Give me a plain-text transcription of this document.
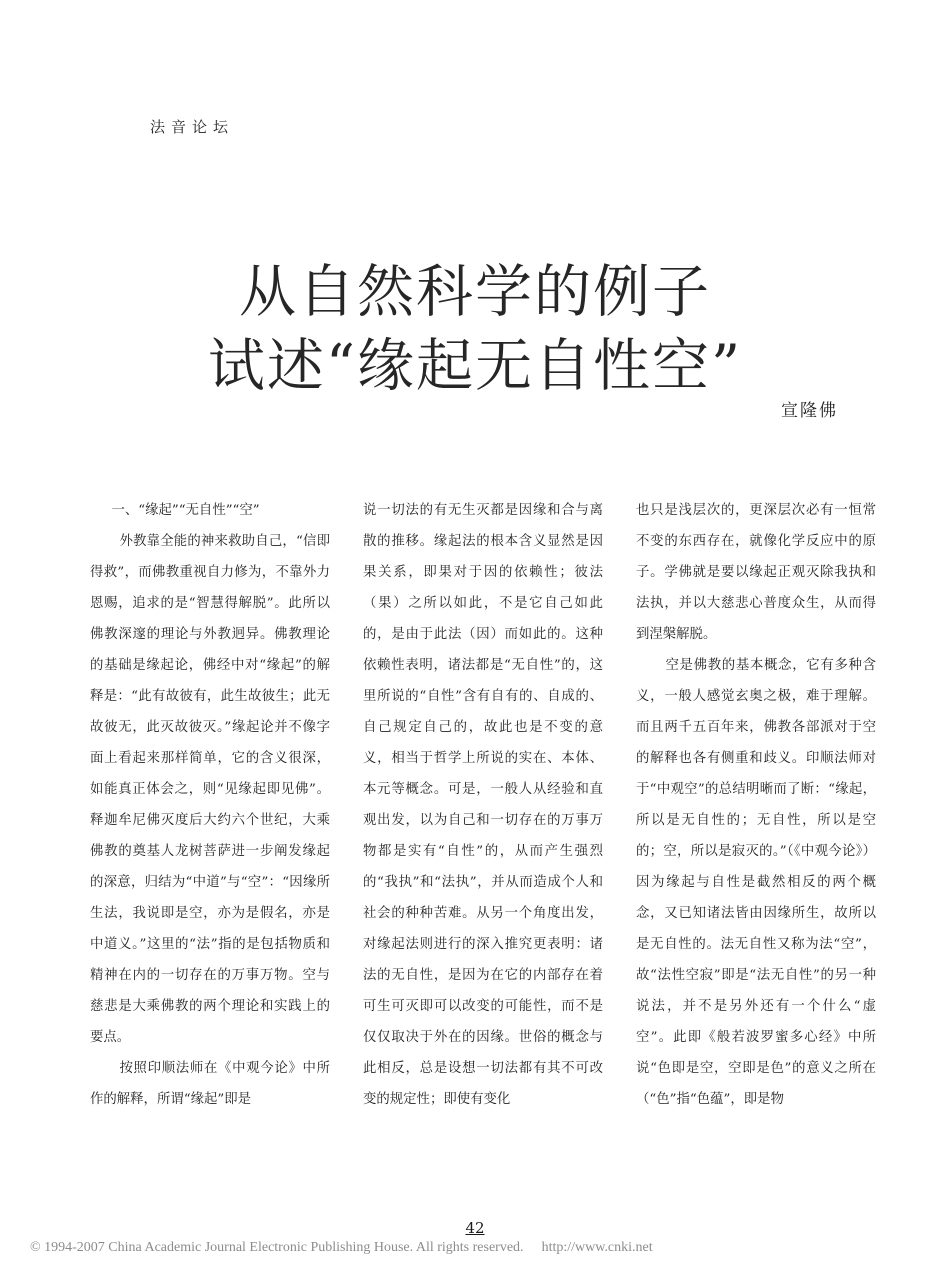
法音论坛
从自然科学的例子
试述“缘起无自性空”
宣隆佛

一、“缘起”“无自性”“空”

外教靠全能的神来救助自己，“信即得救”，而佛教重视自力修为，不靠外力恩赐，追求的是“智慧得解脱”。此所以佛教深邃的理论与外教迥异。佛教理论的基础是缘起论，佛经中对“缘起”的解释是：“此有故彼有，此生故彼生；此无故彼无，此灭故彼灭。”缘起论并不像字面上看起来那样简单，它的含义很深，如能真正体会之，则“见缘起即见佛”。释迦牟尼佛灭度后大约六个世纪，大乘佛教的奠基人龙树菩萨进一步阐发缘起的深意，归结为“中道”与“空”：“因缘所生法，我说即是空，亦为是假名，亦是中道义。”这里的“法”指的是包括物质和精神在内的一切存在的万事万物。空与慈悲是大乘佛教的两个理论和实践上的要点。

按照印顺法师在《中观今论》中所作的解释，所谓“缘起”即是

说一切法的有无生灭都是因缘和合与离散的推移。缘起法的根本含义显然是因果关系，即果对于因的依赖性；彼法（果）之所以如此，不是它自己如此的，是由于此法（因）而如此的。这种依赖性表明，诸法都是“无自性”的，这里所说的“自性”含有自有的、自成的、自己规定自己的，故此也是不变的意义，相当于哲学上所说的实在、本体、本元等概念。可是，一般人从经验和直观出发，以为自己和一切存在的万事万物都是实有“自性”的，从而产生强烈的“我执”和“法执”，并从而造成个人和社会的种种苦难。从另一个角度出发，对缘起法则进行的深入推究更表明：诸法的无自性，是因为在它的内部存在着可生可灭即可以改变的可能性，而不是仅仅取决于外在的因缘。世俗的概念与此相反，总是设想一切法都有其不可改变的规定性；即使有变化

也只是浅层次的，更深层次必有一恒常不变的东西存在，就像化学反应中的原子。学佛就是要以缘起正观灭除我执和法执，并以大慈悲心普度众生，从而得到涅槃解脱。

空是佛教的基本概念，它有多种含义，一般人感觉玄奥之极，难于理解。而且两千五百年来，佛教各部派对于空的解释也各有侧重和歧义。印顺法师对于“中观空”的总结明晰而了断：“缘起，所以是无自性的；无自性，所以是空的；空，所以是寂灭的。”（《中观今论》）因为缘起与自性是截然相反的两个概念，又已知诸法皆由因缘所生，故所以是无自性的。法无自性又称为法“空”，故“法性空寂”即是“法无自性”的另一种说法，并不是另外还有一个什么“虚空”。此即《般若波罗蜜多心经》中所说“色即是空，空即是色”的意义之所在（“色”指“色蕴”，即是物

42
© 1994-2007 China Academic Journal Electronic Publishing House. All rights reserved. http://www.cnki.net
